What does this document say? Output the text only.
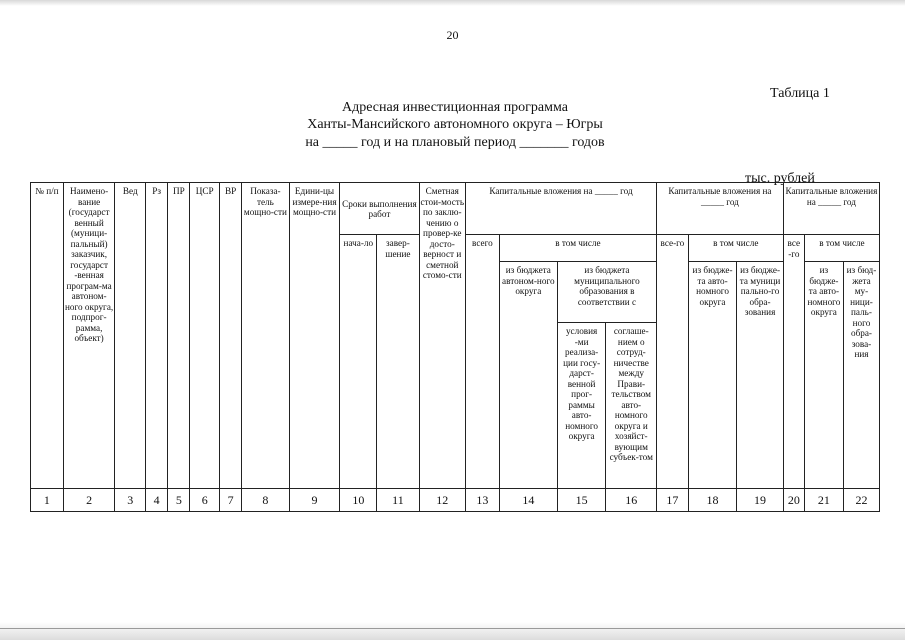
20
Таблица 1
Адресная инвестиционная программа
Ханты-Мансийского автономного округа – Югры
на _____ год и на плановый период _______ годов
тыс. рублей
№ п/п	Наимено-вание (государст венный (муници-пальный) заказчик, государст -венная програм-ма автоном-ного округа, подпрог-рамма, объект)	Вед	Рз	ПР	ЦСР	ВР	Показа-тель мощно-сти	Едини-цы измере-ния мощно-сти	Сроки выполнения работ		Сметная стои-мость по заклю-чению о провер-ке досто-верност и сметной стомо-сти	Капитальные вложения на _____ год				Капитальные вложения на _____ год			Капитальные вложения на _____ год		
									нача-ло	завер-шение		всего	в том числе			все-го	в том числе		все -го	в том числе	
													из бюджета автоном-ного округа	из бюджета муниципального образования в соответствии с			из бюдже-та авто-номного округа	из бюдже-та муници пально-го обра-зования		из бюдже-та авто-номного округа	из бюд-жета му-ници-паль-ного обра-зова-ния
														условия -ми реализа-ции госу-дарст-венной прог-раммы авто-номного округа	соглаше-нием о сотруд-ничестве между Прави-тельством авто-номного округа и хозяйст-вующим субъек-том						
1	2	3	4	5	6	7	8	9	10	11	12	13	14	15	16	17	18	19	20	21	22
